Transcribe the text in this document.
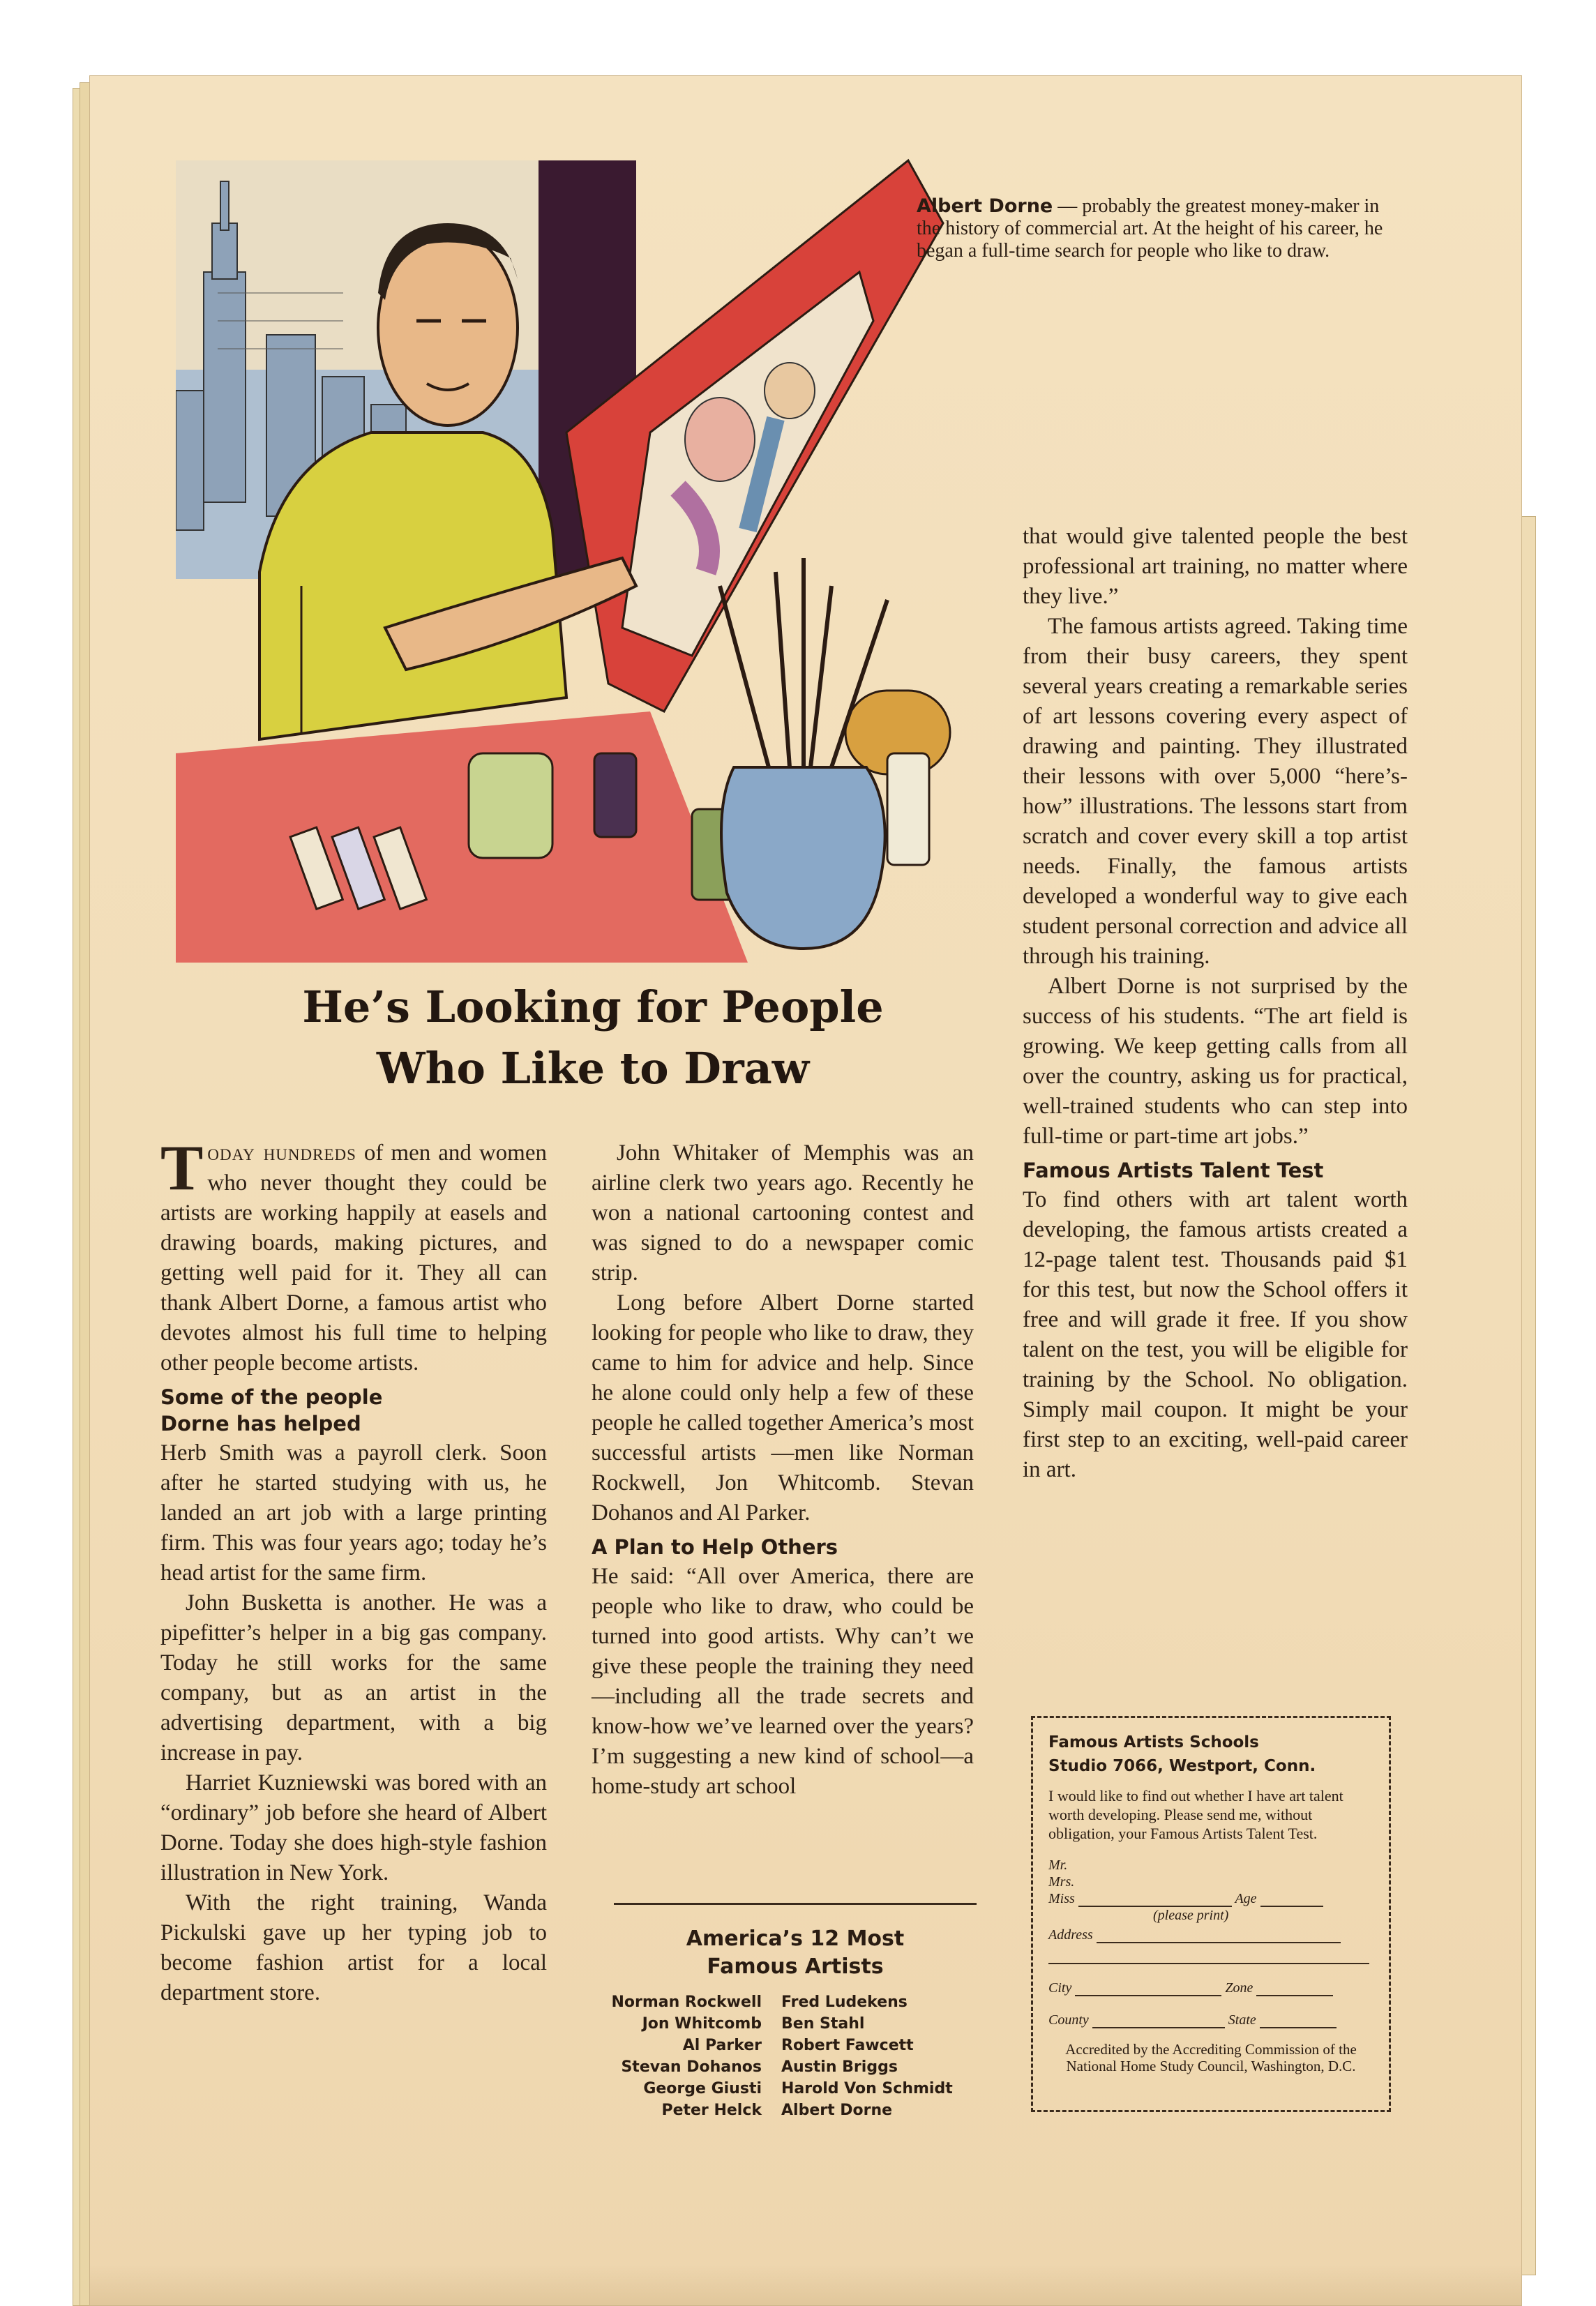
Albert Dorne — probably the greatest money-maker in the history of commercial art. At the height of his career, he began a full-time search for people who like to draw.
He’s Looking for People
Who Like to Draw

Today hundreds of men and women who never thought they could be artists are working happily at easels and drawing boards, making pictures, and getting well paid for it. They all can thank Albert Dorne, a famous artist who devotes almost his full time to helping other people become artists.

Some of the people
Dorne has helped

Herb Smith was a payroll clerk. Soon after he started studying with us, he landed an art job with a large printing firm. This was four years ago; today he’s head artist for the same firm.

John Busketta is another. He was a pipefitter’s helper in a big gas company. Today he still works for the same company, but as an artist in the advertising department, with a big increase in pay.

Harriet Kuzniewski was bored with an “ordinary” job before she heard of Albert Dorne. Today she does high-style fashion illustration in New York.

With the right training, Wanda Pickulski gave up her typing job to become fashion artist for a local department store.

John Whitaker of Memphis was an airline clerk two years ago. Recently he won a national cartooning contest and was signed to do a newspaper comic strip.

Long before Albert Dorne started looking for people who like to draw, they came to him for advice and help. Since he alone could only help a few of these people he called together America’s most successful artists —men like Norman Rockwell, Jon Whitcomb. Stevan Dohanos and Al Parker.

A Plan to Help Others

He said: “All over America, there are people who like to draw, who could be turned into good artists. Why can’t we give these people the training they need—including all the trade secrets and know-how we’ve learned over the years? I’m suggesting a new kind of school—a home-study art school

that would give talented people the best professional art training, no matter where they live.”

The famous artists agreed. Taking time from their busy careers, they spent several years creating a remarkable series of art lessons covering every aspect of drawing and painting. They illustrated their lessons with over 5,000 “here’s-how” illustrations. The lessons start from scratch and cover every skill a top artist needs. Finally, the famous artists developed a wonderful way to give each student personal correction and advice all through his training.

Albert Dorne is not surprised by the success of his students. “The art field is growing. We keep getting calls from all over the country, asking us for practical, well-trained students who can step into full-time or part-time art jobs.”

Famous Artists Talent Test

To find others with art talent worth developing, the famous artists created a 12-page talent test. Thousands paid $1 for this test, but now the School offers it free and will grade it free. If you show talent on the test, you will be eligible for training by the School. No obligation. Simply mail coupon. It might be your first step to an exciting, well-paid career in art.

America’s 12 Most
Famous Artists
Norman Rockwell	Fred Ludekens
Jon Whitcomb	Ben Stahl
Al Parker	Robert Fawcett
Stevan Dohanos	Austin Briggs
George Giusti	Harold Von Schmidt
Peter Helck	Albert Dorne
Famous Artists Schools
Studio 7066, Westport, Conn.
I would like to find out whether I have art talent worth developing. Please send me, without obligation, your Famous Artists Talent Test.
Mr.
Mrs.
Miss	Age
(please print)
Address
City	Zone
County	State
Accredited by the Accrediting Commission of the National Home Study Council, Washington, D.C.
